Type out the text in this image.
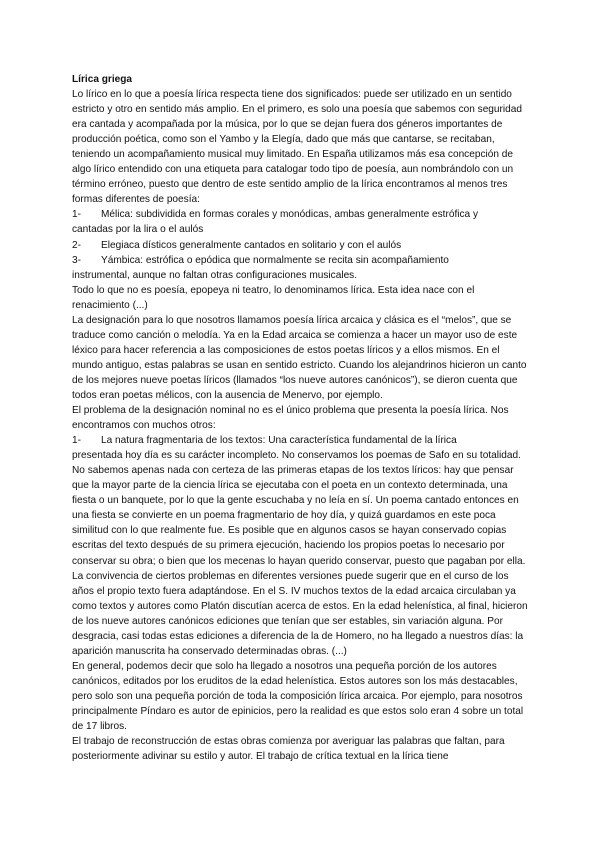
Lírica griega

Lo lírico en lo que a poesía lírica respecta tiene dos significados: puede ser utilizado en un sentido estricto y otro en sentido más amplio. En el primero, es solo una poesía que sabemos con seguridad era cantada y acompañada por la música, por lo que se dejan fuera dos géneros importantes de producción poética, como son el Yambo y la Elegía, dado que más que cantarse, se recitaban, teniendo un acompañamiento musical muy limitado. En España utilizamos más esa concepción de algo lírico entendido con una etiqueta para catalogar todo tipo de poesía, aun nombrándolo con un término erróneo, puesto que dentro de este sentido amplio de la lírica encontramos al menos tres formas diferentes de poesía:

1-	Mélica: subdividida en formas corales y monódicas, ambas generalmente estrófica y

cantadas por la lira o el aulós

2-	Elegiaca dísticos generalmente cantados en solitario y con el aulós
3-	Yámbica: estrófica o epódica que normalmente se recita sin acompañamiento

instrumental, aunque no faltan otras configuraciones musicales.

Todo lo que no es poesía, epopeya ni teatro, lo denominamos lírica. Esta idea nace con el renacimiento (...)

La designación para lo que nosotros llamamos poesía lírica arcaica y clásica es el “melos”, que se traduce como canción o melodía. Ya en la Edad arcaica se comienza a hacer un mayor uso de este léxico para hacer referencia a las composiciones de estos poetas líricos y a ellos mismos. En el mundo antiguo, estas palabras se usan en sentido estricto. Cuando los alejandrinos hicieron un canto de los mejores nueve poetas líricos (llamados “los nueve autores canónicos”), se dieron cuenta que todos eran poetas mélicos, con la ausencia de Menervo, por ejemplo.

El problema de la designación nominal no es el único problema que presenta la poesía lírica. Nos encontramos con muchos otros:

1-	La natura fragmentaria de los textos: Una característica fundamental de la lírica

presentada hoy día es su carácter incompleto. No conservamos los poemas de Safo en su totalidad. No sabemos apenas nada con certeza de las primeras etapas de los textos líricos: hay que pensar que la mayor parte de la ciencia lírica se ejecutaba con el poeta en un contexto determinada, una fiesta o un banquete, por lo que la gente escuchaba y no leía en sí. Un poema cantado entonces en una fiesta se convierte en un poema fragmentario de hoy día, y quizá guardamos en este poca similitud con lo que realmente fue. Es posible que en algunos casos se hayan conservado copias escritas del texto después de su primera ejecución, haciendo los propios poetas lo necesario por conservar su obra; o bien que los mecenas lo hayan querido conservar, puesto que pagaban por ella. La convivencia de ciertos problemas en diferentes versiones puede sugerir que en el curso de los años el propio texto fuera adaptándose. En el S. IV muchos textos de la edad arcaica circulaban ya como textos y autores como Platón discutían acerca de estos. En la edad helenística, al final, hicieron de los nueve autores canónicos ediciones que tenían que ser estables, sin variación alguna. Por desgracia, casi todas estas ediciones a diferencia de la de Homero, no ha llegado a nuestros días: la aparición manuscrita ha conservado determinadas obras. (...)

En general, podemos decir que solo ha llegado a nosotros una pequeña porción de los autores canónicos, editados por los eruditos de la edad helenística. Estos autores son los más destacables, pero solo son una pequeña porción de toda la composición lírica arcaica. Por ejemplo, para nosotros principalmente Píndaro es autor de epinicios, pero la realidad es que estos solo eran 4 sobre un total de 17 libros.

El trabajo de reconstrucción de estas obras comienza por averiguar las palabras que faltan, para posteriormente adivinar su estilo y autor. El trabajo de crítica textual en la lírica tiene
